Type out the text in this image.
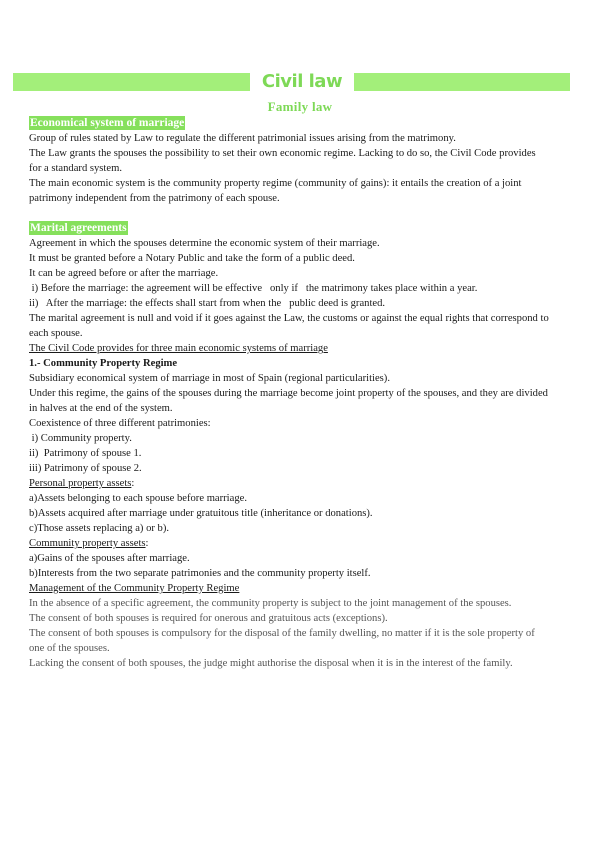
Civil law
Family law
Economical system of marriage
Group of rules stated by Law to regulate the different patrimonial issues arising from the matrimony.
The Law grants the spouses the possibility to set their own economic regime. Lacking to do so, the Civil Code provides for a standard system.
The main economic system is the community property regime (community of gains): it entails the creation of a joint patrimony independent from the patrimony of each spouse.
Marital agreements
Agreement in which the spouses determine the economic system of their marriage.
It must be granted before a Notary Public and take the form of a public deed.
It can be agreed before or after the marriage.
i) Before the marriage: the agreement will be effective   only if   the matrimony takes place within a year.
ii)   After the marriage: the effects shall start from when the   public deed is granted.
The marital agreement is null and void if it goes against the Law, the customs or against the equal rights that correspond to each spouse.
The Civil Code provides for three main economic systems of marriage
1.- Community Property Regime
Subsidiary economical system of marriage in most of Spain (regional particularities).
Under this regime, the gains of the spouses during the marriage become joint property of the spouses, and they are divided in halves at the end of the system.
Coexistence of three different patrimonies:
i) Community property.
ii)  Patrimony of spouse 1.
iii) Patrimony of spouse 2.
Personal property assets:
a)Assets belonging to each spouse before marriage.
b)Assets acquired after marriage under gratuitous title (inheritance or donations).
c)Those assets replacing a) or b).
Community property assets:
a)Gains of the spouses after marriage.
b)Interests from the two separate patrimonies and the community property itself.
Management of the Community Property Regime
In the absence of a specific agreement, the community property is subject to the joint management of the spouses.
The consent of both spouses is required for onerous and gratuitous acts (exceptions).
The consent of both spouses is compulsory for the disposal of the family dwelling, no matter if it is the sole property of one of the spouses.
Lacking the consent of both spouses, the judge might authorise the disposal when it is in the interest of the family.
